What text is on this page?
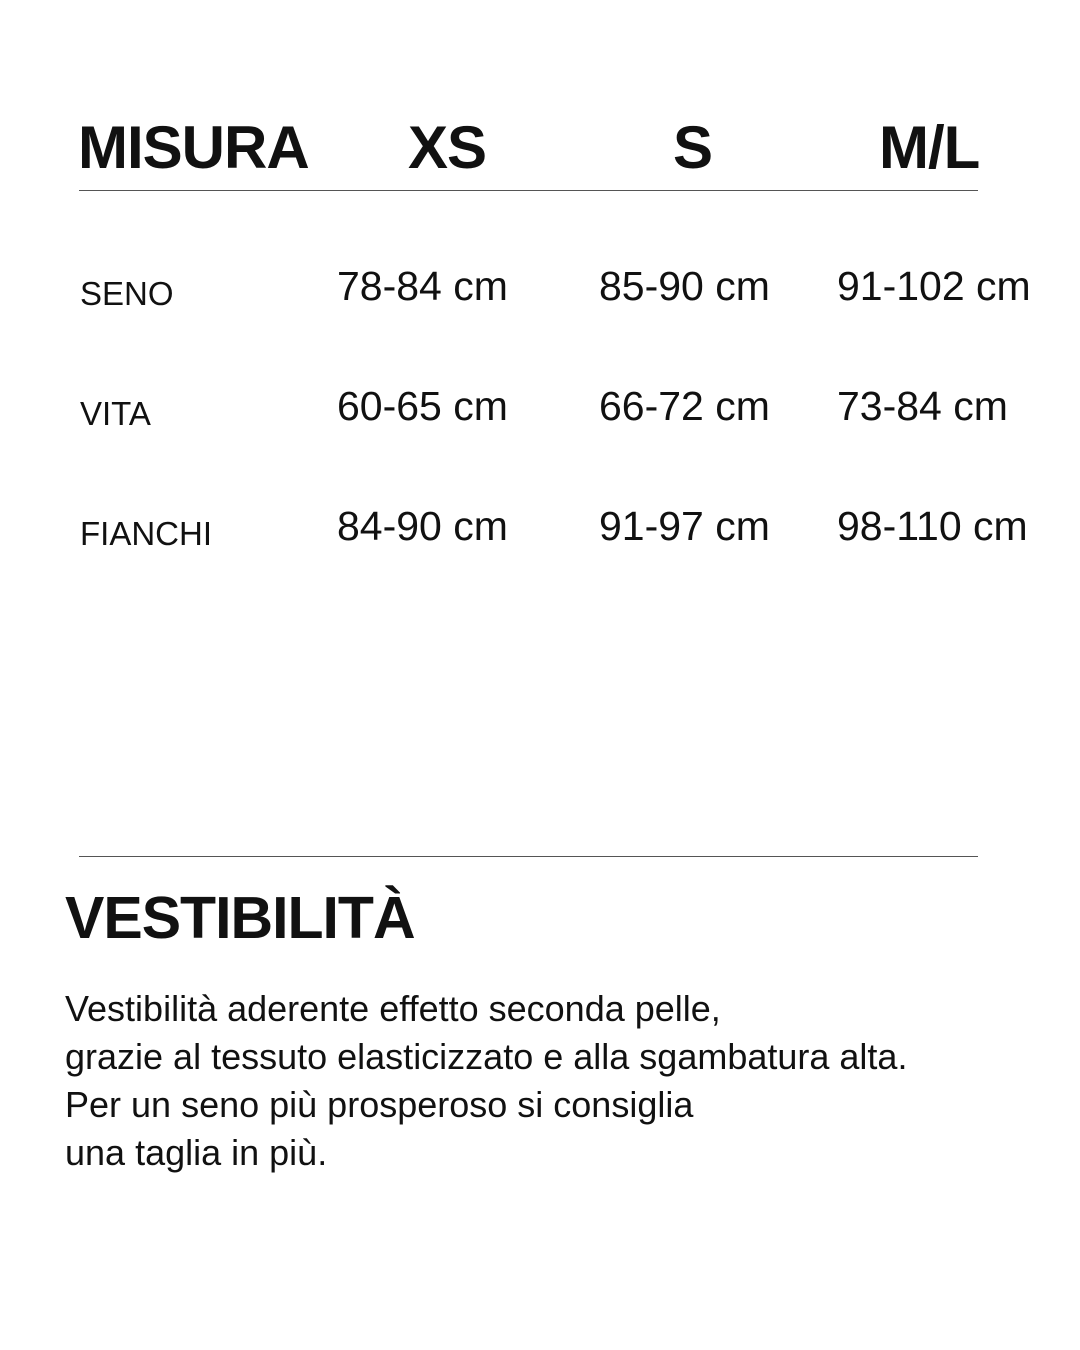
MISURA XS	S	M/L
SENO	78-84 cm 85-90 cm 91-102 cm
VITA	60-65 cm 66-72 cm 73-84 cm
FIANCHI	84-90 cm 91-97 cm 98-110 cm
VESTIBILITÀ
Vestibilità aderente effetto seconda pelle,
grazie al tessuto elasticizzato e alla sgambatura alta.
Per un seno più prosperoso si consiglia
una taglia in più.
